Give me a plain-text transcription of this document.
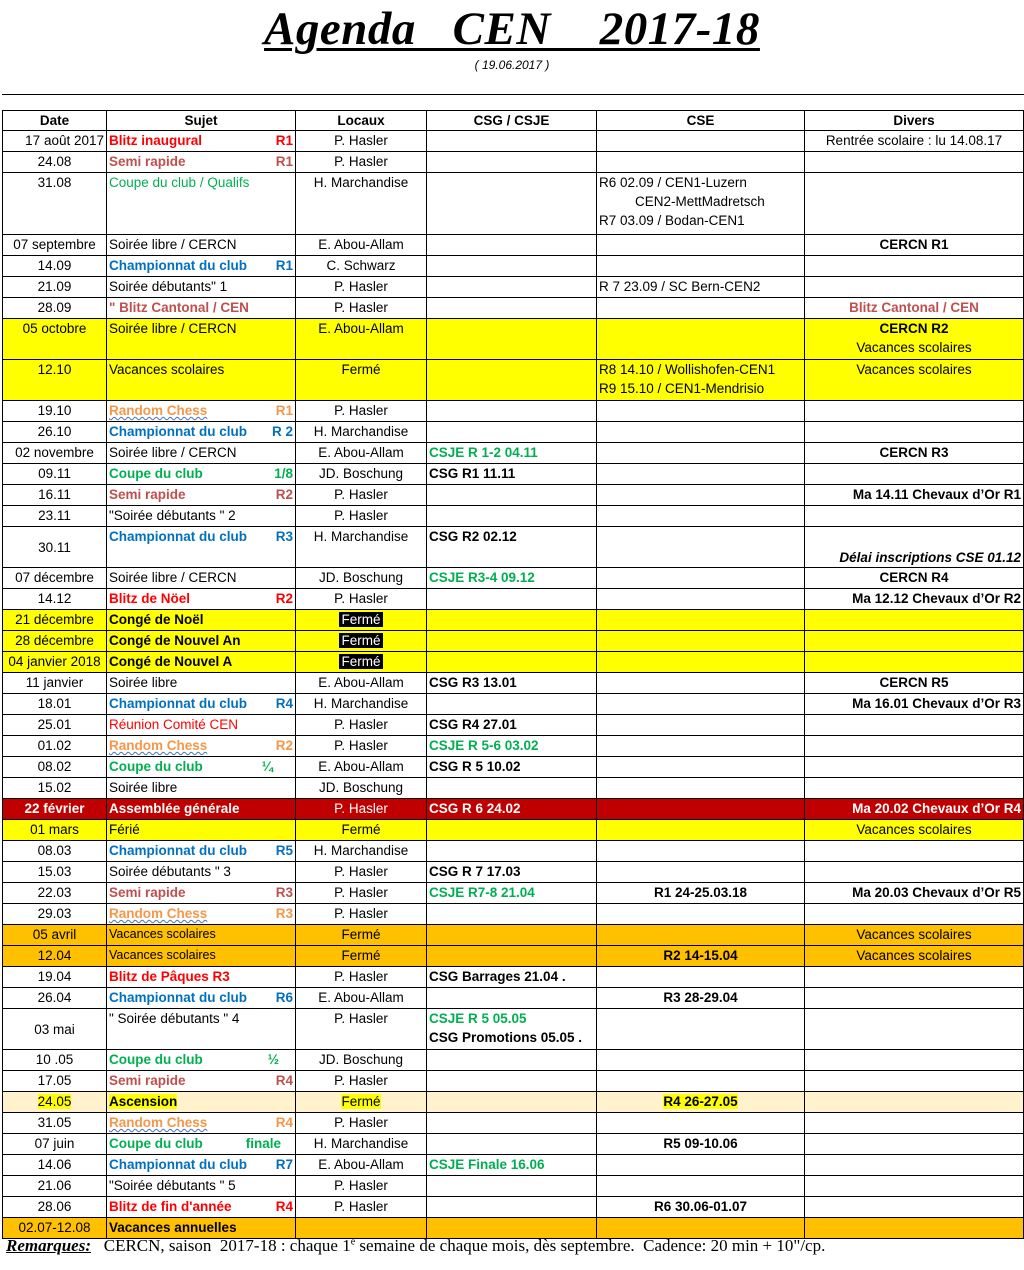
Agenda   CEN    2017-18
( 19.06.2017 )
Date	Sujet	Locaux	CSG / CSJE	CSE	Divers
17 août 2017	Blitz inaugural R1	P. Hasler			Rentrée scolaire : lu 14.08.17
24.08	Semi rapide R1	P. Hasler			
31.08	Coupe du club / Qualifs	H. Marchandise		R6 02.09 / CEN1-Luzern
CEN2-MettMadretsch
R7 03.09 / Bodan-CEN1	

07 septembre	Soirée libre / CERCN	E. Abou-Allam			CERCN R1
14.09	Championnat du club R1	C. Schwarz			
21.09	Soirée débutants" 1	P. Hasler		R 7 23.09 / SC Bern-CEN2	
28.09	" Blitz Cantonal / CEN	P. Hasler			Blitz Cantonal / CEN
05 octobre	Soirée libre / CERCN	E. Abou-Allam			CERCN R2
Vacances scolaires

12.10	Vacances scolaires	Fermé		R8 14.10 / Wollishofen-CEN1
R9 15.10 / CEN1-Mendrisio	Vacances scolaires
19.10	Random Chess R1	P. Hasler			
26.10	Championnat du club R 2	H. Marchandise			
02 novembre	Soirée libre / CERCN	E. Abou-Allam	CSJE R 1-2 04.11		CERCN R3
09.11	Coupe du club 1/8	JD. Boschung	CSG R1 11.11		
16.11	Semi rapide R2	P. Hasler			Ma 14.11 Chevaux d’Or R1
23.11	"Soirée débutants " 2	P. Hasler			
30.11	Championnat du club R3	H. Marchandise	CSG R2 02.12		Délai inscriptions CSE 01.12
07 décembre	Soirée libre / CERCN	JD. Boschung	CSJE R3-4 09.12		CERCN R4
14.12	Blitz de Nöel R2	P. Hasler			Ma 12.12 Chevaux d’Or R2
21 décembre	Congé de Noël	Fermé			
28 décembre	Congé de Nouvel An	Fermé			
04 janvier 2018	Congé de Nouvel A	Fermé			
11 janvier	Soirée libre	E. Abou-Allam	CSG R3 13.01		CERCN R5
18.01	Championnat du club R4	H. Marchandise			Ma 16.01 Chevaux d’Or R3
25.01	Réunion Comité CEN	P. Hasler	CSG R4 27.01		
01.02	Random Chess R2	P. Hasler	CSJE R 5-6 03.02		
08.02	Coupe du club ¼	E. Abou-Allam	CSG R 5 10.02		
15.02	Soirée libre	JD. Boschung			
22 février	Assemblée générale	P. Hasler	CSG R 6 24.02		Ma 20.02 Chevaux d’Or R4
01 mars	Férié	Fermé			Vacances scolaires
08.03	Championnat du club R5	H. Marchandise			
15.03	Soirée débutants " 3	P. Hasler	CSG R 7 17.03		
22.03	Semi rapide R3	P. Hasler	CSJE R7-8 21.04	R1 24-25.03.18	Ma 20.03 Chevaux d’Or R5
29.03	Random Chess R3	P. Hasler			
05 avril	Vacances scolaires	Fermé			Vacances scolaires
12.04	Vacances scolaires	Fermé		R2 14-15.04	Vacances scolaires
19.04	Blitz de Pâques R3	P. Hasler	CSG Barrages 21.04 .		
26.04	Championnat du club R6	E. Abou-Allam		R3 28-29.04	
03 mai	" Soirée débutants " 4	P. Hasler	CSJE R 5 05.05
CSG Promotions 05.05 .		

10 .05	Coupe du club ½	JD. Boschung			
17.05	Semi rapide R4	P. Hasler			
24.05	Ascension	Fermé		R4 26-27.05	
31.05	Random Chess R4	P. Hasler			
07 juin	Coupe du club finale	H. Marchandise		R5 09-10.06	
14.06	Championnat du club R7	E. Abou-Allam	CSJE Finale 16.06		
21.06	"Soirée débutants " 5	P. Hasler			
28.06	Blitz de fin d'année R4	P. Hasler		R6 30.06-01.07	
02.07-12.08	Vacances annuelles				
Remarques:   CERCN, saison  2017-18 : chaque 1e semaine de chaque mois, dès septembre.  Cadence: 20 min + 10"/cp.
